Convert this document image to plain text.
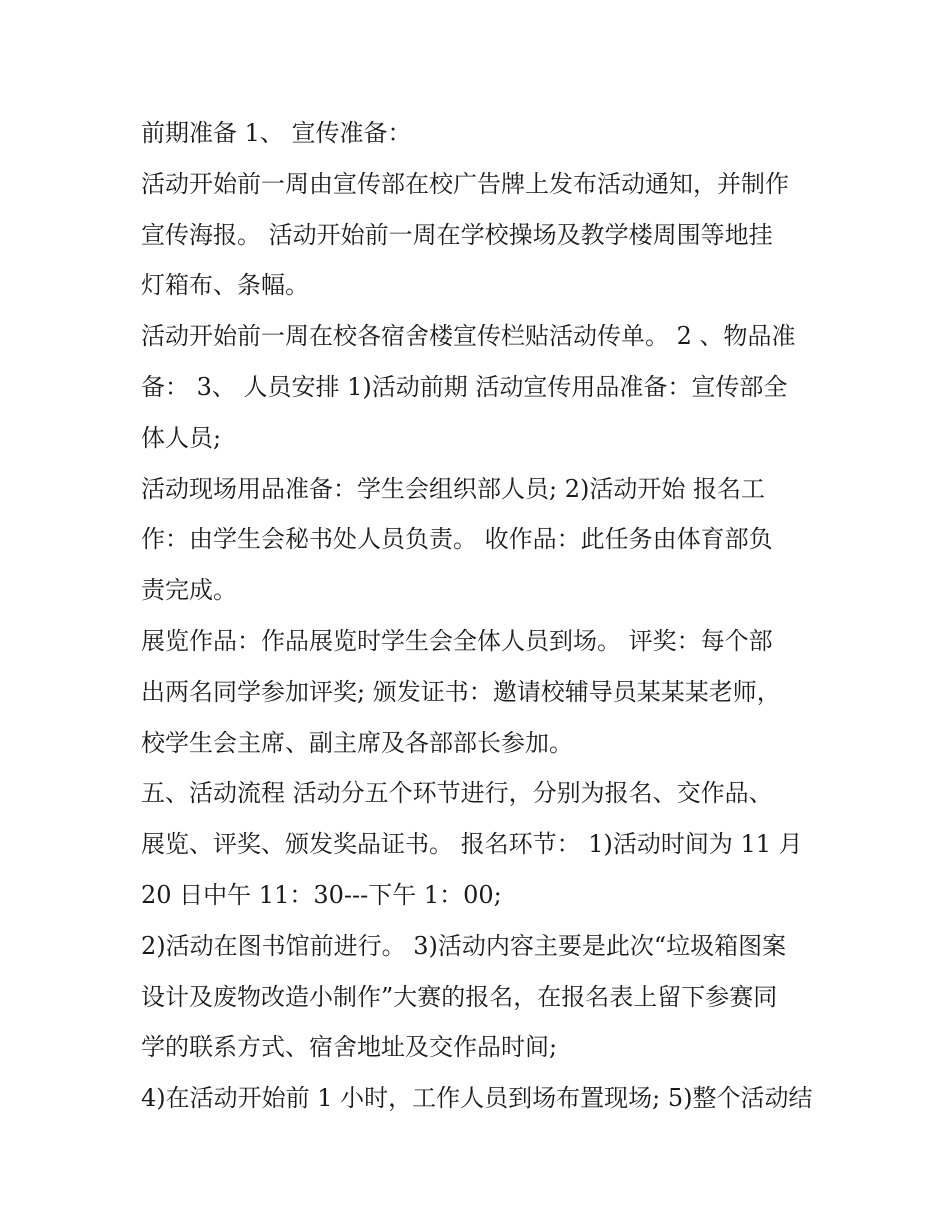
前期准备 1、 宣传准备：
活动开始前一周由宣传部在校广告牌上发布活动通知，并制作
宣传海报。 活动开始前一周在学校操场及教学楼周围等地挂
灯箱布、条幅。
活动开始前一周在校各宿舍楼宣传栏贴活动传单。 2 、物品准
备： 3、 人员安排 1)活动前期 活动宣传用品准备：宣传部全
体人员;
活动现场用品准备：学生会组织部人员; 2)活动开始 报名工
作：由学生会秘书处人员负责。 收作品：此任务由体育部负
责完成。
展览作品：作品展览时学生会全体人员到场。 评奖：每个部
出两名同学参加评奖; 颁发证书：邀请校辅导员某某某老师，
校学生会主席、副主席及各部部长参加。
五、活动流程 活动分五个环节进行，分别为报名、交作品、
展览、评奖、颁发奖品证书。 报名环节： 1)活动时间为 11 月
20 日中午 11：30---下午 1：00;
2)活动在图书馆前进行。 3)活动内容主要是此次“垃圾箱图案
设计及废物改造小制作”大赛的报名，在报名表上留下参赛同
学的联系方式、宿舍地址及交作品时间;
4)在活动开始前 1 小时，工作人员到场布置现场; 5)整个活动结
